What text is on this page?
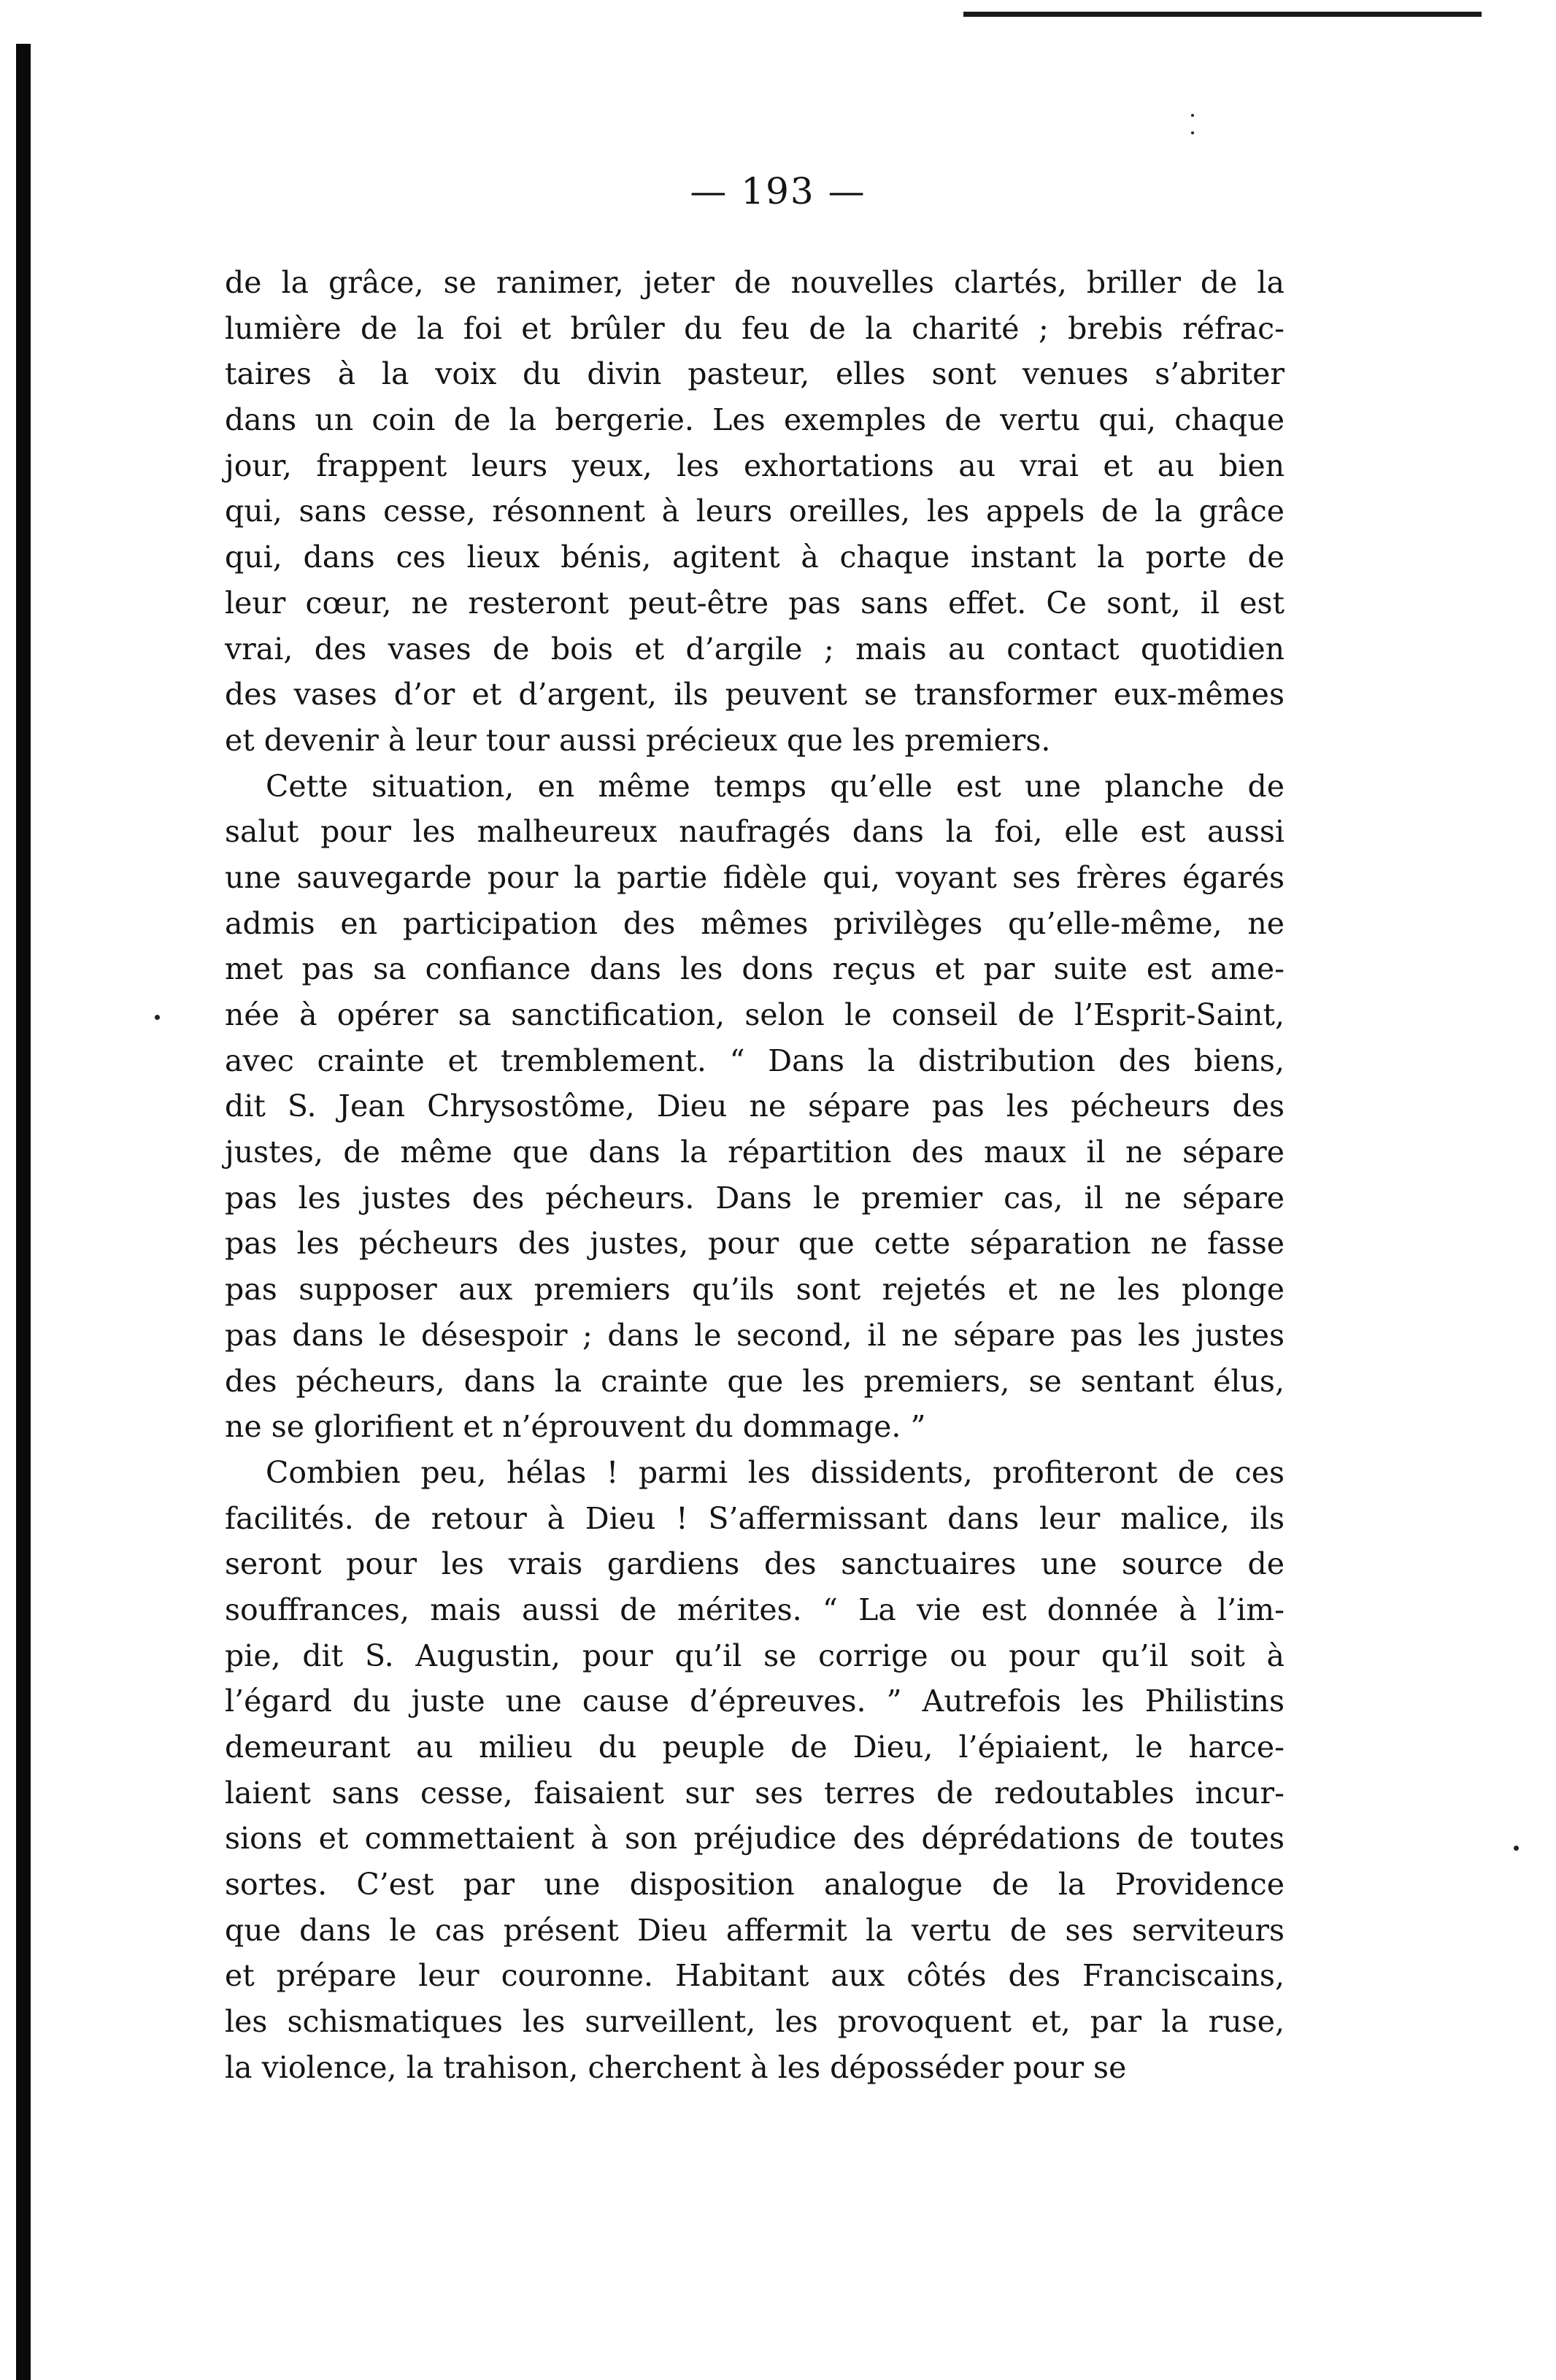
— 193 —
de la grâce, se ranimer, jeter de nouvelles clartés, briller de la
lumière de la foi et brûler du feu de la charité ; brebis réfrac-
taires à la voix du divin pasteur, elles sont venues s’abriter
dans un coin de la bergerie. Les exemples de vertu qui, chaque
jour, frappent leurs yeux, les exhortations au vrai et au bien
qui, sans cesse, résonnent à leurs oreilles, les appels de la grâce
qui, dans ces lieux bénis, agitent à chaque instant la porte de
leur cœur, ne resteront peut-être pas sans effet. Ce sont, il est
vrai, des vases de bois et d’argile ; mais au contact quotidien
des vases d’or et d’argent, ils peuvent se transformer eux-mêmes
et devenir à leur tour aussi précieux que les premiers.
Cette situation, en même temps qu’elle est une planche de
salut pour les malheureux naufragés dans la foi, elle est aussi
une sauvegarde pour la partie fidèle qui, voyant ses frères égarés
admis en participation des mêmes privilèges qu’elle-même, ne
met pas sa confiance dans les dons reçus et par suite est ame-
née à opérer sa sanctification, selon le conseil de l’Esprit-Saint,
avec crainte et tremblement. “ Dans la distribution des biens,
dit S. Jean Chrysostôme, Dieu ne sépare pas les pécheurs des
justes, de même que dans la répartition des maux il ne sépare
pas les justes des pécheurs. Dans le premier cas, il ne sépare
pas les pécheurs des justes, pour que cette séparation ne fasse
pas supposer aux premiers qu’ils sont rejetés et ne les plonge
pas dans le désespoir ; dans le second, il ne sépare pas les justes
des pécheurs, dans la crainte que les premiers, se sentant élus,
ne se glorifient et n’éprouvent du dommage. ”
Combien peu, hélas ! parmi les dissidents, profiteront de ces
facilités. de retour à Dieu ! S’affermissant dans leur malice, ils
seront pour les vrais gardiens des sanctuaires une source de
souffrances, mais aussi de mérites. “ La vie est donnée à l’im-
pie, dit S. Augustin, pour qu’il se corrige ou pour qu’il soit à
l’égard du juste une cause d’épreuves. ” Autrefois les Philistins
demeurant au milieu du peuple de Dieu, l’épiaient, le harce-
laient sans cesse, faisaient sur ses terres de redoutables incur-
sions et commettaient à son préjudice des déprédations de toutes
sortes. C’est par une disposition analogue de la Providence
que dans le cas présent Dieu affermit la vertu de ses serviteurs
et prépare leur couronne. Habitant aux côtés des Franciscains,
les schismatiques les surveillent, les provoquent et, par la ruse,
la violence, la trahison, cherchent à les déposséder pour se
